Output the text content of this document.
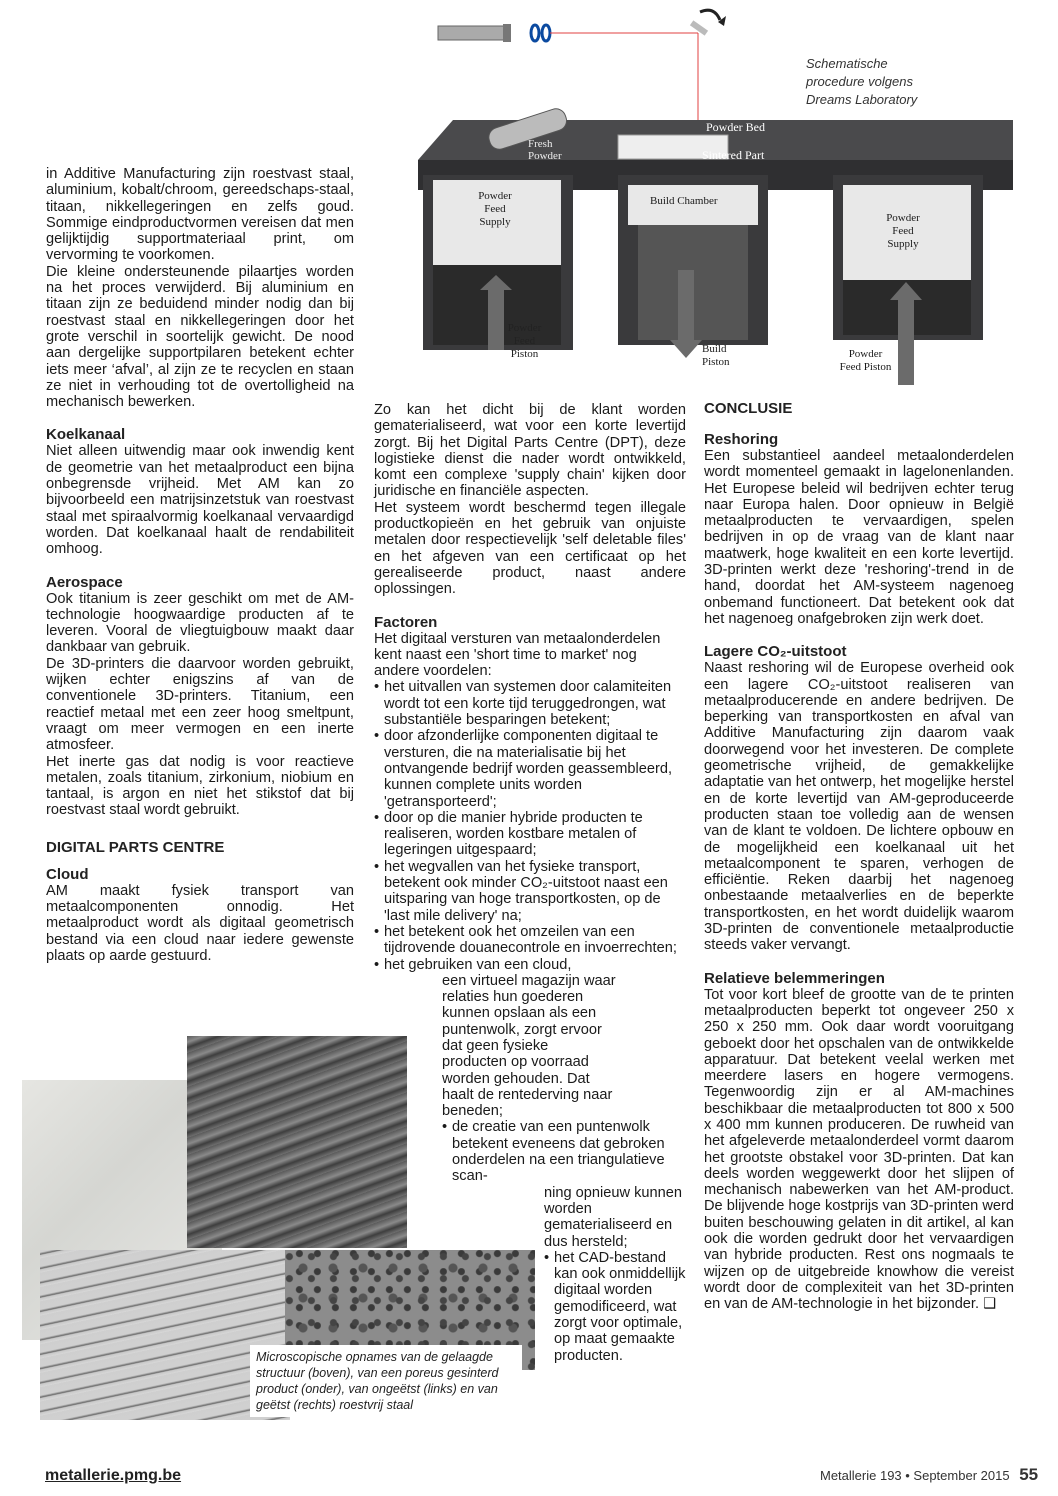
Powder Bed
Fresh Powder	Sintered Part
Powder Feed Supply
Build Chamber
Powder Feed Supply
Powder Feed Piston	Build Piston
Powder Feed Piston
Schematische procedure volgens Dreams Laboratory

in Additive Manufacturing zijn roestvast staal, aluminium, kobalt/chroom, gereedschaps-staal, titaan, nikkellegeringen en zelfs goud. Sommige eindproductvormen vereisen dat men gelijktijdig supportmateriaal print, om vervorming te voorkomen.

Die kleine ondersteunende pilaartjes worden na het proces verwijderd. Bij aluminium en titaan zijn ze beduidend minder nodig dan bij roestvast staal en nikkellegeringen door het grote verschil in soortelijk gewicht. De nood aan dergelijke supportpilaren betekent echter iets meer ‘afval’, al zijn ze te recyclen en staan ze niet in verhouding tot de overtolligheid na mechanisch bewerken.

Koelkanaal

Niet alleen uitwendig maar ook inwendig kent de geometrie van het metaalproduct een bijna onbegrensde vrijheid. Met AM kan zo bijvoorbeeld een matrijsinzetstuk van roestvast staal met spiraalvormig koelkanaal vervaardigd worden. Dat koelkanaal haalt de rendabiliteit omhoog.

Aerospace

Ook titanium is zeer geschikt om met de AM-technologie hoogwaardige producten af te leveren. Vooral de vliegtuigbouw maakt daar dankbaar van gebruik.

De 3D-printers die daarvoor worden gebruikt, wijken echter enigszins af van de conventionele 3D-printers. Titanium, een reactief metaal met een zeer hoog smeltpunt, vraagt om meer vermogen en een inerte atmosfeer.

Het inerte gas dat nodig is voor reactieve metalen, zoals titanium, zirkonium, niobium en tantaal, is argon en niet het stikstof dat bij roestvast staal wordt gebruikt.

DIGITAL PARTS CENTRE
Cloud

AM maakt fysiek transport van metaalcomponenten onnodig. Het metaalproduct wordt als digitaal geometrisch bestand via een cloud naar iedere gewenste plaats op aarde gestuurd.

Zo kan het dicht bij de klant worden gematerialiseerd, wat voor een korte levertijd zorgt. Bij het Digital Parts Centre (DPT), deze logistieke dienst die nader wordt ontwikkeld, komt een complexe 'supply chain' kijken door juridische en financiële aspecten.

Het systeem wordt beschermd tegen illegale productkopieën en het gebruik van onjuiste metalen door respectievelijk 'self deletable files' en het afgeven van een certificaat op het gerealiseerde product, naast andere oplossingen.

Factoren

Het digitaal versturen van metaalonderdelen kent naast een 'short time to market' nog andere voordelen:

• het uitvallen van systemen door calamiteiten wordt tot een korte tijd teruggedrongen, wat substantiële besparingen betekent;
• door afzonderlijke componenten digitaal te versturen, die na materialisatie bij het ontvangende bedrijf worden geassembleerd, kunnen complete units worden 'getransporteerd';
• door op die manier hybride producten te realiseren, worden kostbare metalen of legeringen uitgespaard;
• het wegvallen van het fysieke transport, betekent ook minder CO₂-uitstoot naast een uitsparing van hoge transportkosten, op de 'last mile delivery' na;
• het betekent ook het omzeilen van een tijdrovende douanecontrole en invoerrechten;
• het gebruiken van een cloud,

een virtueel magazijn waar relaties hun goederen kunnen opslaan als een puntenwolk, zorgt ervoor dat geen fysieke producten op voorraad worden gehouden. Dat haalt de rentederving naar beneden;

• de creatie van een puntenwolk betekent eveneens dat gebroken onderdelen na een triangulatieve scan-

ning opnieuw kunnen worden gematerialiseerd en dus hersteld;

• het CAD-bestand kan ook onmiddellijk digitaal worden gemodificeerd, wat zorgt voor optimale, op maat gemaakte producten.
CONCLUSIE
Reshoring

Een substantieel aandeel metaalonderdelen wordt momenteel gemaakt in lagelonenlanden. Het Europese beleid wil bedrijven echter terug naar Europa halen. Door opnieuw in België metaalproducten te vervaardigen, spelen bedrijven in op de vraag van de klant naar maatwerk, hoge kwaliteit en een korte levertijd. 3D-printen werkt deze 'reshoring'-trend in de hand, doordat het AM-systeem nagenoeg onbemand functioneert. Dat betekent ook dat het nagenoeg onafgebroken zijn werk doet.

Lagere CO₂-uitstoot

Naast reshoring wil de Europese overheid ook een lagere CO₂-uitstoot realiseren van metaalproducerende en andere bedrijven. De beperking van transportkosten en afval van Additive Manufacturing zijn daarom vaak doorwegend voor het investeren. De complete geometrische vrijheid, de gemakkelijke adaptatie van het ontwerp, het mogelijke herstel en de korte levertijd van AM-geproduceerde producten staan toe volledig aan de wensen van de klant te voldoen. De lichtere opbouw en de mogelijkheid een koelkanaal uit het metaalcomponent te sparen, verhogen de efficiëntie. Reken daarbij het nagenoeg onbestaande metaalverlies en de beperkte transportkosten, en het wordt duidelijk waarom 3D-printen de conventionele metaalproductie steeds vaker vervangt.

Relatieve belemmeringen

Tot voor kort bleef de grootte van de te printen metaalproducten beperkt tot ongeveer 250 x 250 x 250 mm. Ook daar wordt vooruitgang geboekt door het opschalen van de ontwikkelde apparatuur. Dat betekent veelal werken met meerdere lasers en hogere vermogens. Tegenwoordig zijn er al AM-machines beschikbaar die metaalproducten tot 800 x 500 x 400 mm kunnen produceren. De ruwheid van het afgeleverde metaalonderdeel vormt daarom het grootste obstakel voor 3D-printen. Dat kan deels worden weggewerkt door het slijpen of mechanisch nabewerken van het AM-product. De blijvende hoge kostprijs van 3D-printen werd buiten beschouwing gelaten in dit artikel, al kan ook die worden gedrukt door het vervaardigen van hybride producten. Rest ons nogmaals te wijzen op de uitgebreide knowhow die vereist wordt door de complexiteit van het 3D-printen en van de AM-technologie in het bijzonder. ❑

Microscopische opnames van de gelaagde structuur (boven), van een poreus gesinterd product (onder), van ongeëtst (links) en van geëtst (rechts) roestvrij staal
metallerie.pmg.be	Metallerie 193 • September 2015 55
